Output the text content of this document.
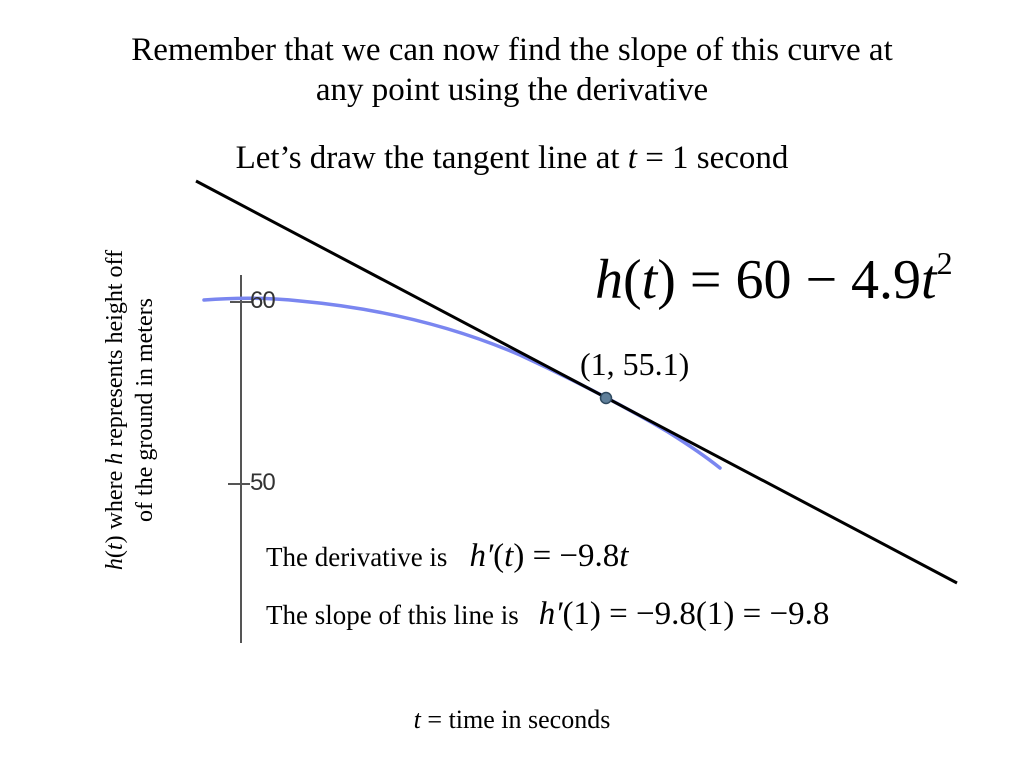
Remember that we can now find the slope of this curve at

any point using the derivative

Let’s draw the tangent line at t = 1 second

h(t) where h represents height off of the ground in meters	60
50
$h(t) = 60 - 4.9t^2$
(1, 55.1)
The derivative is h′(t) = −9.8t
The slope of this line is h′(1) = −9.8(1) = −9.8
t = time in seconds
